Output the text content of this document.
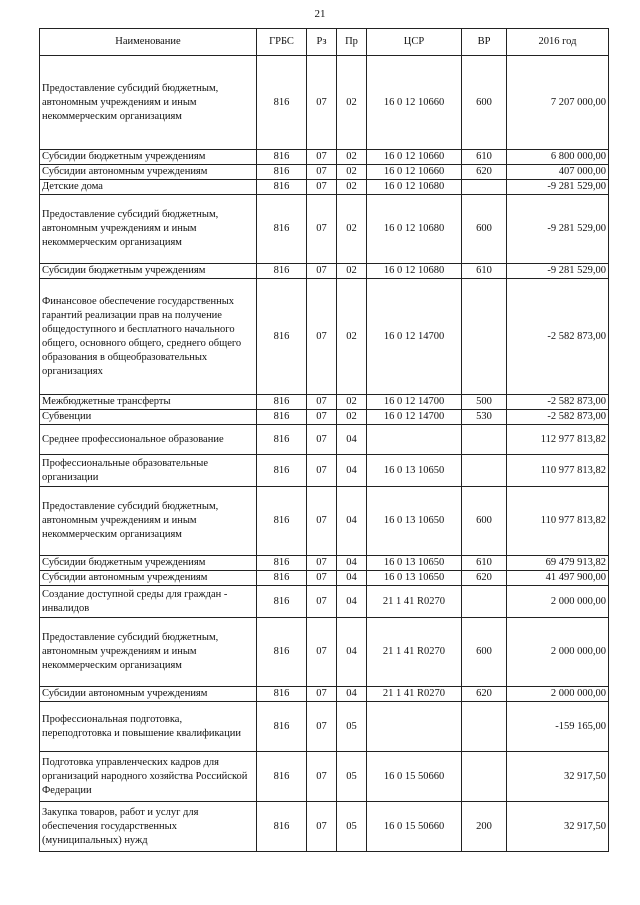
21
Наименование	ГРБС	Рз	Пр	ЦСР	ВР	2016 год
Предоставление субсидий бюджетным, автономным учреждениям и иным некоммерческим организациям	816	07	02	16 0 12 10660	600	7 207 000,00
Субсидии бюджетным учреждениям	816	07	02	16 0 12 10660	610	6 800 000,00
Субсидии автономным учреждениям	816	07	02	16 0 12 10660	620	407 000,00
Детские дома	816	07	02	16 0 12 10680		-9 281 529,00
Предоставление субсидий бюджетным, автономным учреждениям и иным некоммерческим организациям	816	07	02	16 0 12 10680	600	-9 281 529,00
Субсидии бюджетным учреждениям	816	07	02	16 0 12 10680	610	-9 281 529,00
Финансовое обеспечение государственных гарантий реализации прав на получение общедоступного и бесплатного начального общего, основного общего, среднего общего образования в общеобразовательных организациях	816	07	02	16 0 12 14700		-2 582 873,00
Межбюджетные трансферты	816	07	02	16 0 12 14700	500	-2 582 873,00
Субвенции	816	07	02	16 0 12 14700	530	-2 582 873,00
Среднее профессиональное образование	816	07	04			112 977 813,82
Профессиональные образовательные организации	816	07	04	16 0 13 10650		110 977 813,82
Предоставление субсидий бюджетным, автономным учреждениям и иным некоммерческим организациям	816	07	04	16 0 13 10650	600	110 977 813,82
Субсидии бюджетным учреждениям	816	07	04	16 0 13 10650	610	69 479 913,82
Субсидии автономным учреждениям	816	07	04	16 0 13 10650	620	41 497 900,00
Создание доступной среды для граждан - инвалидов	816	07	04	21 1 41 R0270		2 000 000,00
Предоставление субсидий бюджетным, автономным учреждениям и иным некоммерческим организациям	816	07	04	21 1 41 R0270	600	2 000 000,00
Субсидии автономным учреждениям	816	07	04	21 1 41 R0270	620	2 000 000,00
Профессиональная подготовка, переподготовка и повышение квалификации	816	07	05			-159 165,00
Подготовка управленческих кадров для организаций народного хозяйства Российской Федерации	816	07	05	16 0 15 50660		32 917,50
Закупка товаров, работ и услуг для обеспечения государственных (муниципальных) нужд	816	07	05	16 0 15 50660	200	32 917,50
